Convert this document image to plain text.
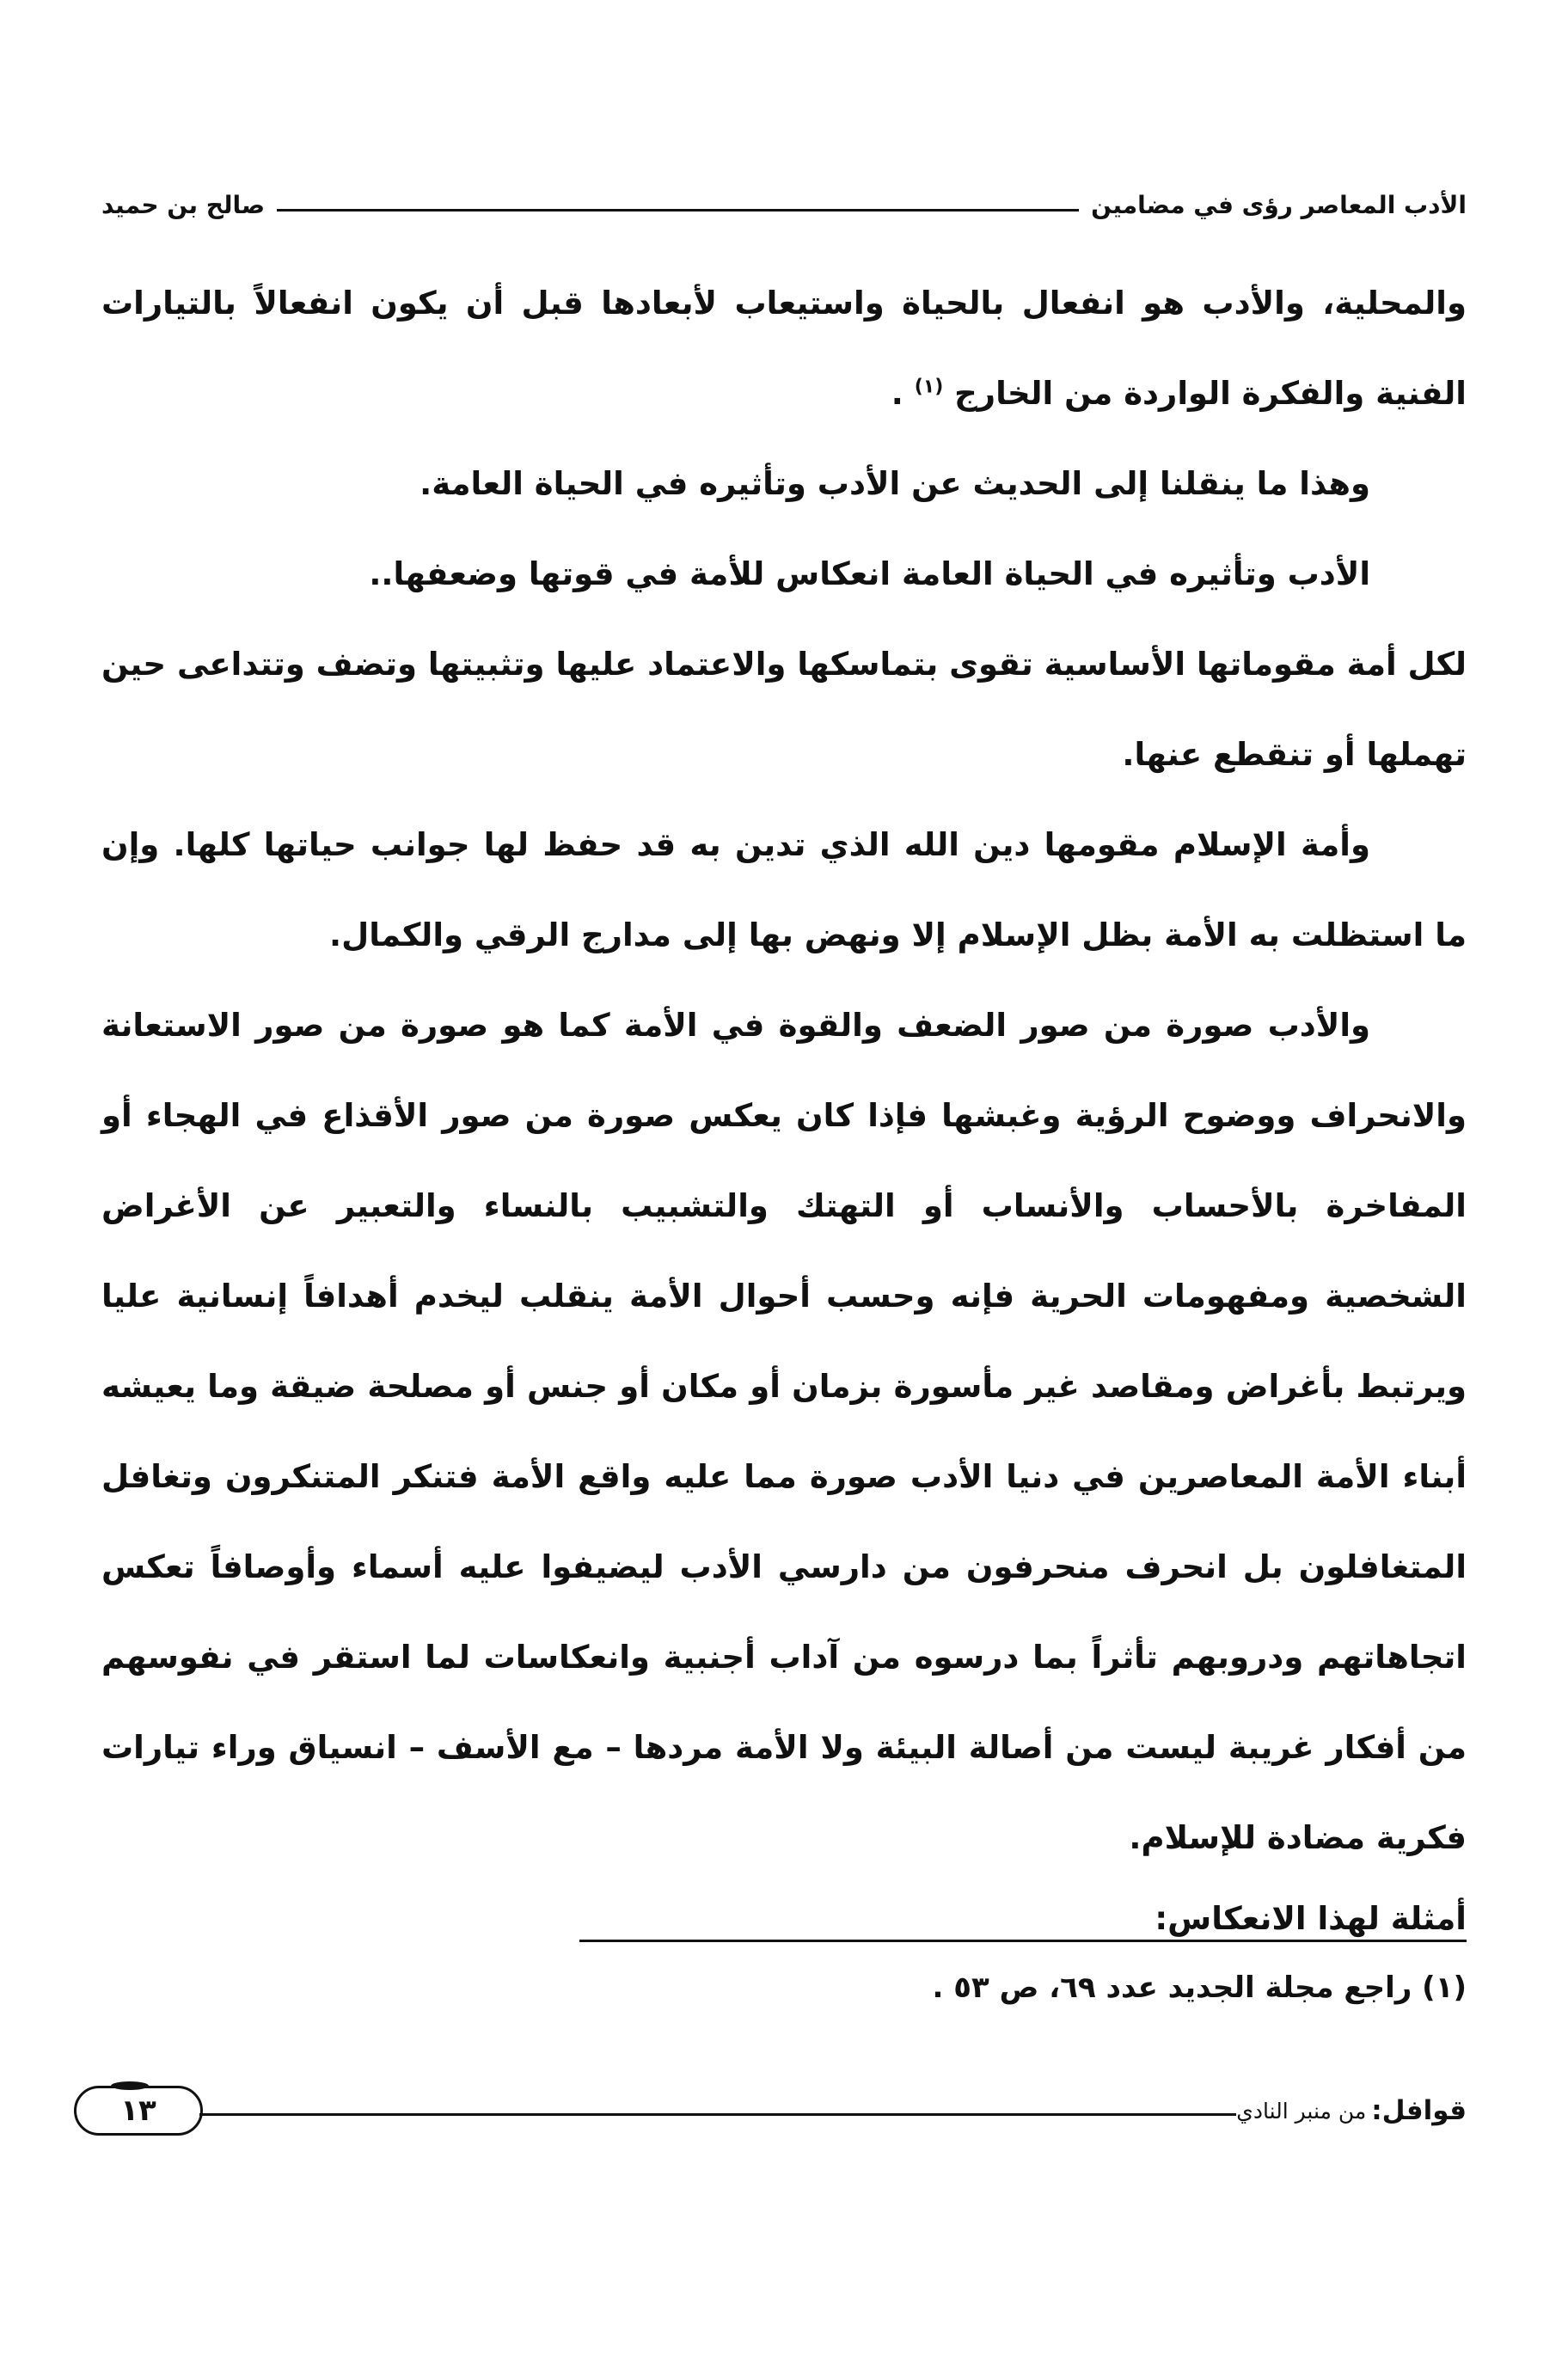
الأدب المعاصر رؤى في مضامين
صالح بن حميد

والمحلية، والأدب هو انفعال بالحياة واستيعاب لأبعادها قبل أن يكون انفعالاً بالتيارات الفنية والفكرة الواردة من الخارج $^{(١)}$ .

وهذا ما ينقلنا إلى الحديث عن الأدب وتأثيره في الحياة العامة.

الأدب وتأثيره في الحياة العامة انعكاس للأمة في قوتها وضعفها..

لكل أمة مقوماتها الأساسية تقوى بتماسكها والاعتماد عليها وتثبيتها وتضف وتتداعى حين تهملها أو تنقطع عنها.

وأمة الإسلام مقومها دين الله الذي تدين به قد حفظ لها جوانب حياتها كلها. وإن ما استظلت به الأمة بظل الإسلام إلا ونهض بها إلى مدارج الرقي والكمال.

والأدب صورة من صور الضعف والقوة في الأمة كما هو صورة من صور الاستعانة والانحراف ووضوح الرؤية وغبشها فإذا كان يعكس صورة من صور الأقذاع في الهجاء أو المفاخرة بالأحساب والأنساب أو التهتك والتشبيب بالنساء والتعبير عن الأغراض الشخصية ومفهومات الحرية فإنه وحسب أحوال الأمة ينقلب ليخدم أهدافاً إنسانية عليا ويرتبط بأغراض ومقاصد غير مأسورة بزمان أو مكان أو جنس أو مصلحة ضيقة وما يعيشه أبناء الأمة المعاصرين في دنيا الأدب صورة مما عليه واقع الأمة فتنكر المتنكرون وتغافل المتغافلون بل انحرف منحرفون من دارسي الأدب ليضيفوا عليه أسماء وأوصافاً تعكس اتجاهاتهم ودروبهم تأثراً بما درسوه من آداب أجنبية وانعكاسات لما استقر في نفوسهم من أفكار غريبة ليست من أصالة البيئة ولا الأمة مردها – مع الأسف – انسياق وراء تيارات فكرية مضادة للإسلام.

أمثلة لهذا الانعكاس:

(١) راجع مجلة الجديد عدد ٦٩، ص ٥٣ .
قوافل:
من منبر النادي
١٣
